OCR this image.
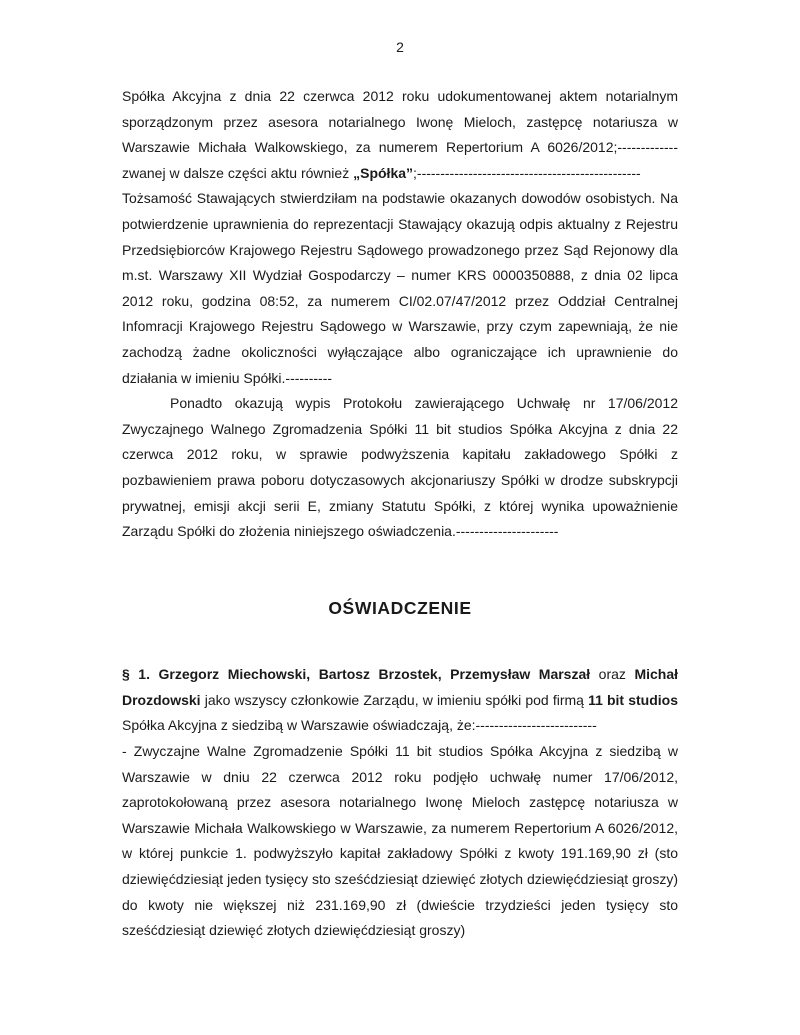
2

Spółka Akcyjna z dnia 22 czerwca 2012 roku udokumentowanej aktem notarialnym sporządzonym przez asesora notarialnego Iwonę Mieloch, zastępcę notariusza w Warszawie Michała Walkowskiego, za numerem Repertorium A 6026/2012;------------- zwanej w dalsze części aktu również „Spółka”;------------------------------------------------

Tożsamość Stawających stwierdziłam na podstawie okazanych dowodów osobistych. Na potwierdzenie uprawnienia do reprezentacji Stawający okazują odpis aktualny z Rejestru Przedsiębiorców Krajowego Rejestru Sądowego prowadzonego przez Sąd Rejonowy dla m.st. Warszawy XII Wydział Gospodarczy – numer KRS 0000350888, z dnia 02 lipca 2012 roku, godzina 08:52, za numerem CI/02.07/47/2012 przez Oddział Centralnej Infomracji Krajowego Rejestru Sądowego w Warszawie, przy czym zapewniają, że nie zachodzą żadne okoliczności wyłączające albo ograniczające ich uprawnienie do działania w imieniu Spółki.----------

Ponadto okazują wypis Protokołu zawierającego Uchwałę nr 17/06/2012 Zwyczajnego Walnego Zgromadzenia Spółki 11 bit studios Spółka Akcyjna z dnia 22 czerwca 2012 roku, w sprawie podwyższenia kapitału zakładowego Spółki z pozbawieniem prawa poboru dotyczasowych akcjonariuszy Spółki w drodze subskrypcji prywatnej, emisji akcji serii E, zmiany Statutu Spółki, z której wynika upoważnienie Zarządu Spółki do złożenia niniejszego oświadczenia.----------------------

OŚWIADCZENIE

§ 1. Grzegorz Miechowski, Bartosz Brzostek, Przemysław Marszał oraz Michał Drozdowski jako wszyscy członkowie Zarządu, w imieniu spółki pod firmą 11 bit studios Spółka Akcyjna z siedzibą w Warszawie oświadczają, że:--------------------------

- Zwyczajne Walne Zgromadzenie Spółki 11 bit studios Spółka Akcyjna z siedzibą w Warszawie w dniu 22 czerwca 2012 roku podjęło uchwałę numer 17/06/2012, zaprotokołowaną przez asesora notarialnego Iwonę Mieloch zastępcę notariusza w Warszawie Michała Walkowskiego w Warszawie, za numerem Repertorium A 6026/2012, w której punkcie 1. podwyższyło kapitał zakładowy Spółki z kwoty 191.169,90 zł (sto dziewięćdziesiąt jeden tysięcy sto sześćdziesiąt dziewięć złotych dziewięćdziesiąt groszy) do kwoty nie większej niż 231.169,90 zł (dwieście trzydzieści jeden tysięcy sto sześćdziesiąt dziewięć złotych dziewięćdziesiąt groszy)
